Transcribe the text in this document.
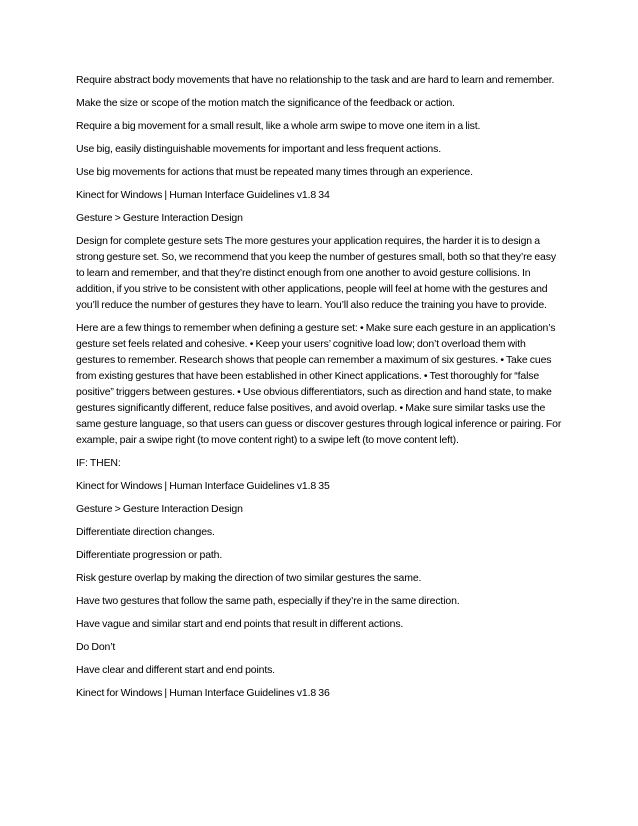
Require abstract body movements that have no relationship to the task and are hard to learn and remember.

Make the size or scope of the motion match the significance of the feedback or action.

Require a big movement for a small result, like a whole arm swipe to move one item in a list.

Use big, easily distinguishable movements for important and less frequent actions.

Use big movements for actions that must be repeated many times through an experience.

Kinect for Windows | Human Interface Guidelines v1.8 34

Gesture > Gesture Interaction Design

Design for complete gesture sets The more gestures your application requires, the harder it is to design a strong gesture set. So, we recommend that you keep the number of gestures small, both so that they’re easy to learn and remember, and that they’re distinct enough from one another to avoid gesture collisions. In addition, if you strive to be consistent with other applications, people will feel at home with the gestures and you’ll reduce the number of gestures they have to learn. You’ll also reduce the training you have to provide.

Here are a few things to remember when defining a gesture set: • Make sure each gesture in an application’s gesture set feels related and cohesive. • Keep your users’ cognitive load low; don’t overload them with gestures to remember. Research shows that people can remember a maximum of six gestures. • Take cues from existing gestures that have been established in other Kinect applications. • Test thoroughly for “false positive” triggers between gestures. • Use obvious differentiators, such as direction and hand state, to make gestures significantly different, reduce false positives, and avoid overlap. • Make sure similar tasks use the same gesture language, so that users can guess or discover gestures through logical inference or pairing. For example, pair a swipe right (to move content right) to a swipe left (to move content left).

IF: THEN:

Kinect for Windows | Human Interface Guidelines v1.8 35

Gesture > Gesture Interaction Design

Differentiate direction changes.

Differentiate progression or path.

Risk gesture overlap by making the direction of two similar gestures the same.

Have two gestures that follow the same path, especially if they’re in the same direction.

Have vague and similar start and end points that result in different actions.

Do Don’t

Have clear and different start and end points.

Kinect for Windows | Human Interface Guidelines v1.8 36
